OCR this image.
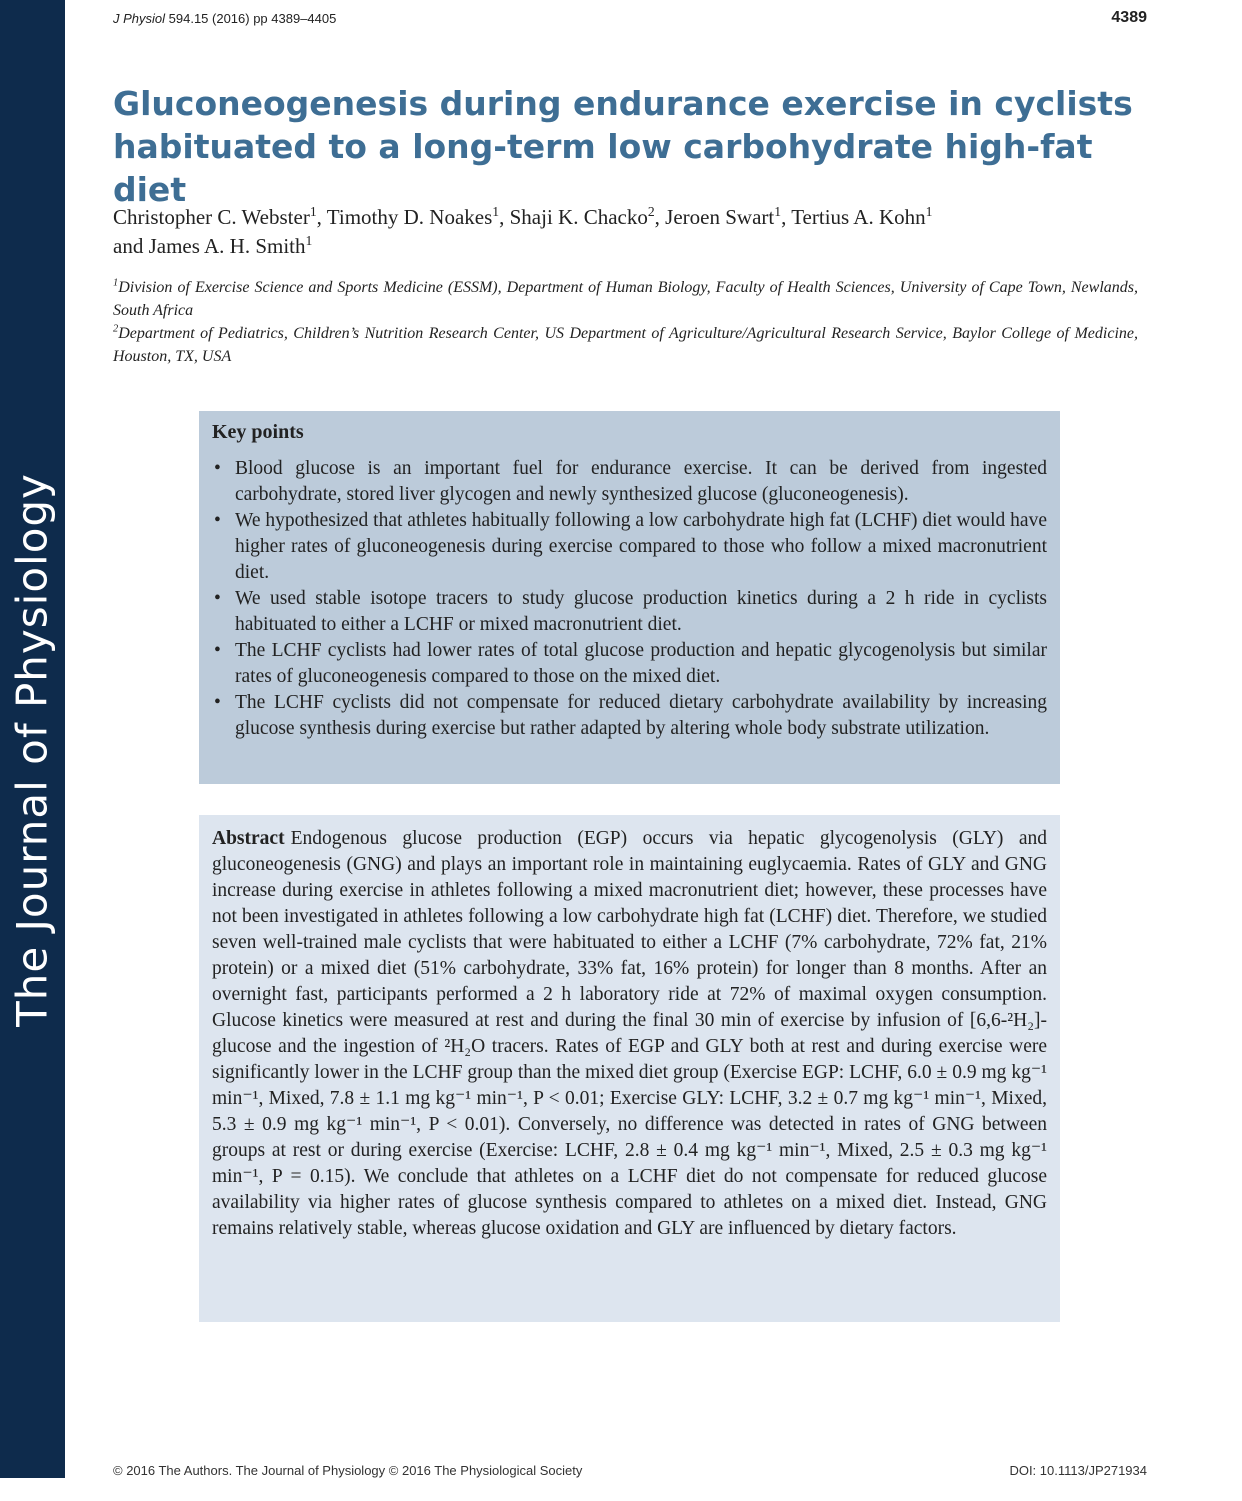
The Journal of Physiology
J Physiol 594.15 (2016) pp 4389–4405	4389
Gluconeogenesis during endurance exercise in cyclists habituated to a long-term low carbohydrate high-fat diet
Christopher C. Webster$^1$, Timothy D. Noakes$^1$, Shaji K. Chacko$^2$, Jeroen Swart$^1$, Tertius A. Kohn$^1$
and James A. H. Smith$^1$

$^1$Division of Exercise Science and Sports Medicine (ESSM), Department of Human Biology, Faculty of Health Sciences, University of Cape Town, Newlands, South Africa

$^2$Department of Pediatrics, Children’s Nutrition Research Center, US Department of Agriculture/Agricultural Research Service, Baylor College of Medicine, Houston, TX, USA

Key points
• Blood glucose is an important fuel for endurance exercise. It can be derived from ingested carbohydrate, stored liver glycogen and newly synthesized glucose (gluconeogenesis).
• We hypothesized that athletes habitually following a low carbohydrate high fat (LCHF) diet would have higher rates of gluconeogenesis during exercise compared to those who follow a mixed macronutrient diet.
• We used stable isotope tracers to study glucose production kinetics during a 2 h ride in cyclists habituated to either a LCHF or mixed macronutrient diet.
• The LCHF cyclists had lower rates of total glucose production and hepatic glycogenolysis but similar rates of gluconeogenesis compared to those on the mixed diet.
• The LCHF cyclists did not compensate for reduced dietary carbohydrate availability by increasing glucose synthesis during exercise but rather adapted by altering whole body substrate utilization.

Abstract Endogenous glucose production (EGP) occurs via hepatic glycogenolysis (GLY) and gluconeogenesis (GNG) and plays an important role in maintaining euglycaemia. Rates of GLY and GNG increase during exercise in athletes following a mixed macronutrient diet; however, these processes have not been investigated in athletes following a low carbohydrate high fat (LCHF) diet. Therefore, we studied seven well-trained male cyclists that were habituated to either a LCHF (7% carbohydrate, 72% fat, 21% protein) or a mixed diet (51% carbohydrate, 33% fat, 16% protein) for longer than 8 months. After an overnight fast, participants performed a 2 h laboratory ride at 72% of maximal oxygen consumption. Glucose kinetics were measured at rest and during the final 30 min of exercise by infusion of [6,6-²H₂]-glucose and the ingestion of ²H₂O tracers. Rates of EGP and GLY both at rest and during exercise were significantly lower in the LCHF group than the mixed diet group (Exercise EGP: LCHF, 6.0 ± 0.9 mg kg⁻¹ min⁻¹, Mixed, 7.8 ± 1.1 mg kg⁻¹ min⁻¹, P < 0.01; Exercise GLY: LCHF, 3.2 ± 0.7 mg kg⁻¹ min⁻¹, Mixed, 5.3 ± 0.9 mg kg⁻¹ min⁻¹, P < 0.01). Conversely, no difference was detected in rates of GNG between groups at rest or during exercise (Exercise: LCHF, 2.8 ± 0.4 mg kg⁻¹ min⁻¹, Mixed, 2.5 ± 0.3 mg kg⁻¹ min⁻¹, P = 0.15). We conclude that athletes on a LCHF diet do not compensate for reduced glucose availability via higher rates of glucose synthesis compared to athletes on a mixed diet. Instead, GNG remains relatively stable, whereas glucose oxidation and GLY are influenced by dietary factors.

© 2016 The Authors. The Journal of Physiology © 2016 The Physiological Society	DOI: 10.1113/JP271934
